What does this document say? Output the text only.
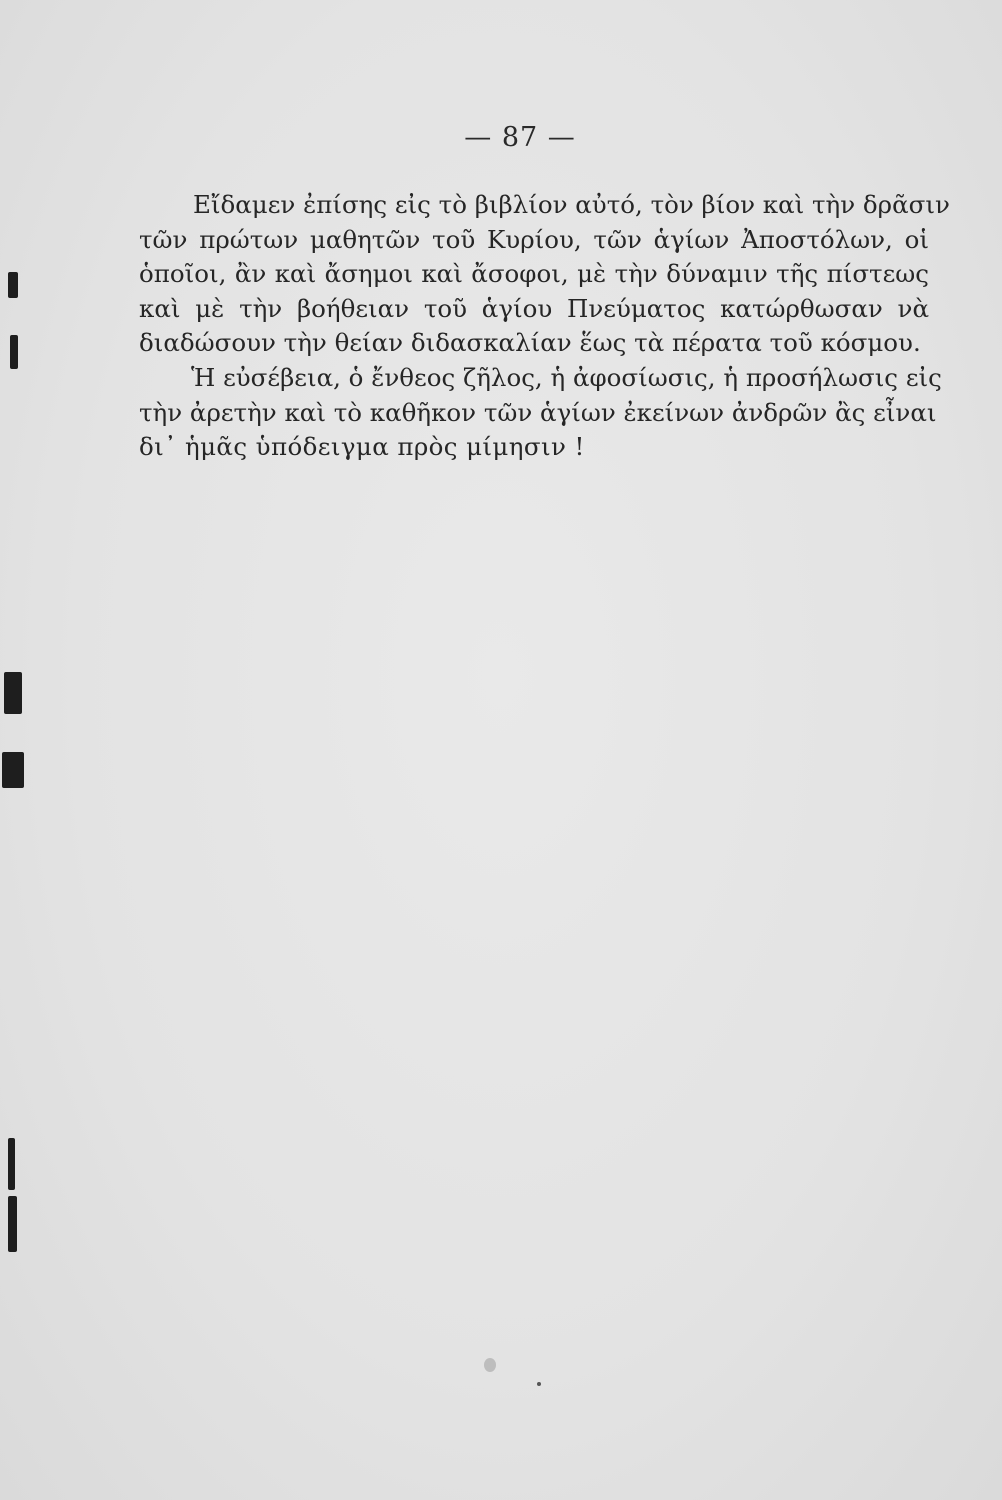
— 87 —
Εἴδαμεν ἐπίσης εἰς τὸ βιβλίον αὐτό, τὸν βίον καὶ τὴν δρᾶσιν
τῶν πρώτων μαθητῶν τοῦ Κυρίου, τῶν ἁγίων Ἀποστόλων, οἱ
ὁποῖοι, ἂν καὶ ἄσημοι καὶ ἄσοφοι, μὲ τὴν δύναμιν τῆς πίστεως
καὶ μὲ τὴν βοήθειαν τοῦ ἁγίου Πνεύματος κατώρθωσαν νὰ
διαδώσουν τὴν θείαν διδασκαλίαν ἕως τὰ πέρατα τοῦ κόσμου.
Ἡ εὐσέβεια, ὁ ἔνθεος ζῆλος, ἡ ἀφοσίωσις, ἡ προσήλωσις εἰς
τὴν ἀρετὴν καὶ τὸ καθῆκον τῶν ἁγίων ἐκείνων ἀνδρῶν ἂς εἶναι
δι᾿ ἡμᾶς ὑπόδειγμα πρὸς μίμησιν !
